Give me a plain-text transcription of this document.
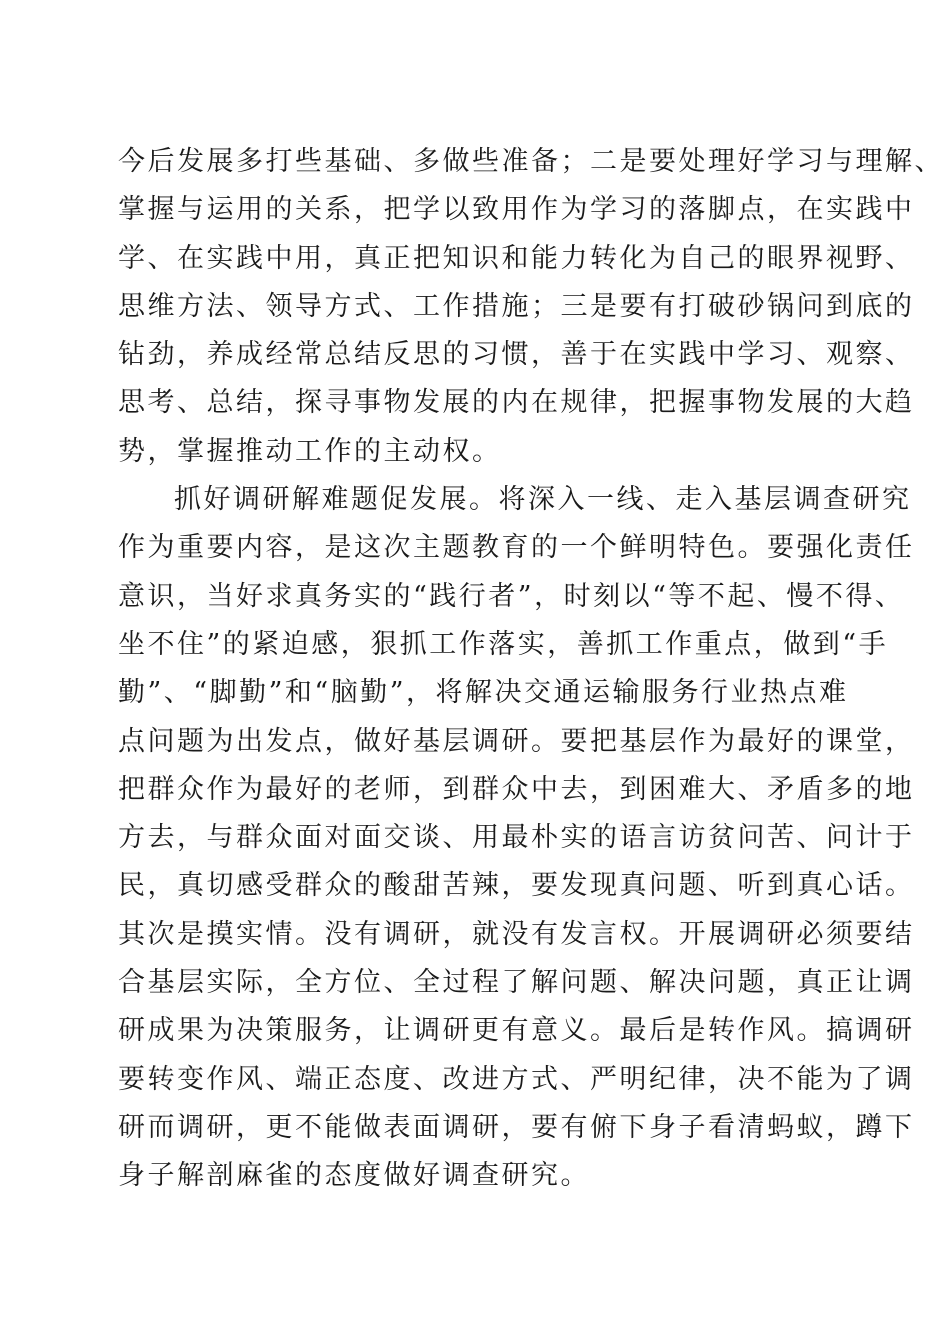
今后发展多打些基础、多做些准备；二是要处理好学习与理解、
掌握与运用的关系，把学以致用作为学习的落脚点，在实践中
学、在实践中用，真正把知识和能力转化为自己的眼界视野、
思维方法、领导方式、工作措施；三是要有打破砂锅问到底的
钻劲，养成经常总结反思的习惯，善于在实践中学习、观察、
思考、总结，探寻事物发展的内在规律，把握事物发展的大趋
势，掌握推动工作的主动权。
抓好调研解难题促发展。将深入一线、走入基层调查研究
作为重要内容，是这次主题教育的一个鲜明特色。要强化责任
意识，当好求真务实的“践行者”，时刻以“等不起、慢不得、
坐不住”的紧迫感，狠抓工作落实，善抓工作重点，做到“手
勤”、“脚勤”和“脑勤”，将解决交通运输服务行业热点难
点问题为出发点，做好基层调研。要把基层作为最好的课堂，
把群众作为最好的老师，到群众中去，到困难大、矛盾多的地
方去，与群众面对面交谈、用最朴实的语言访贫问苦、问计于
民，真切感受群众的酸甜苦辣，要发现真问题、听到真心话。
其次是摸实情。没有调研，就没有发言权。开展调研必须要结
合基层实际，全方位、全过程了解问题、解决问题，真正让调
研成果为决策服务，让调研更有意义。最后是转作风。搞调研
要转变作风、端正态度、改进方式、严明纪律，决不能为了调
研而调研，更不能做表面调研，要有俯下身子看清蚂蚁，蹲下
身子解剖麻雀的态度做好调查研究。
